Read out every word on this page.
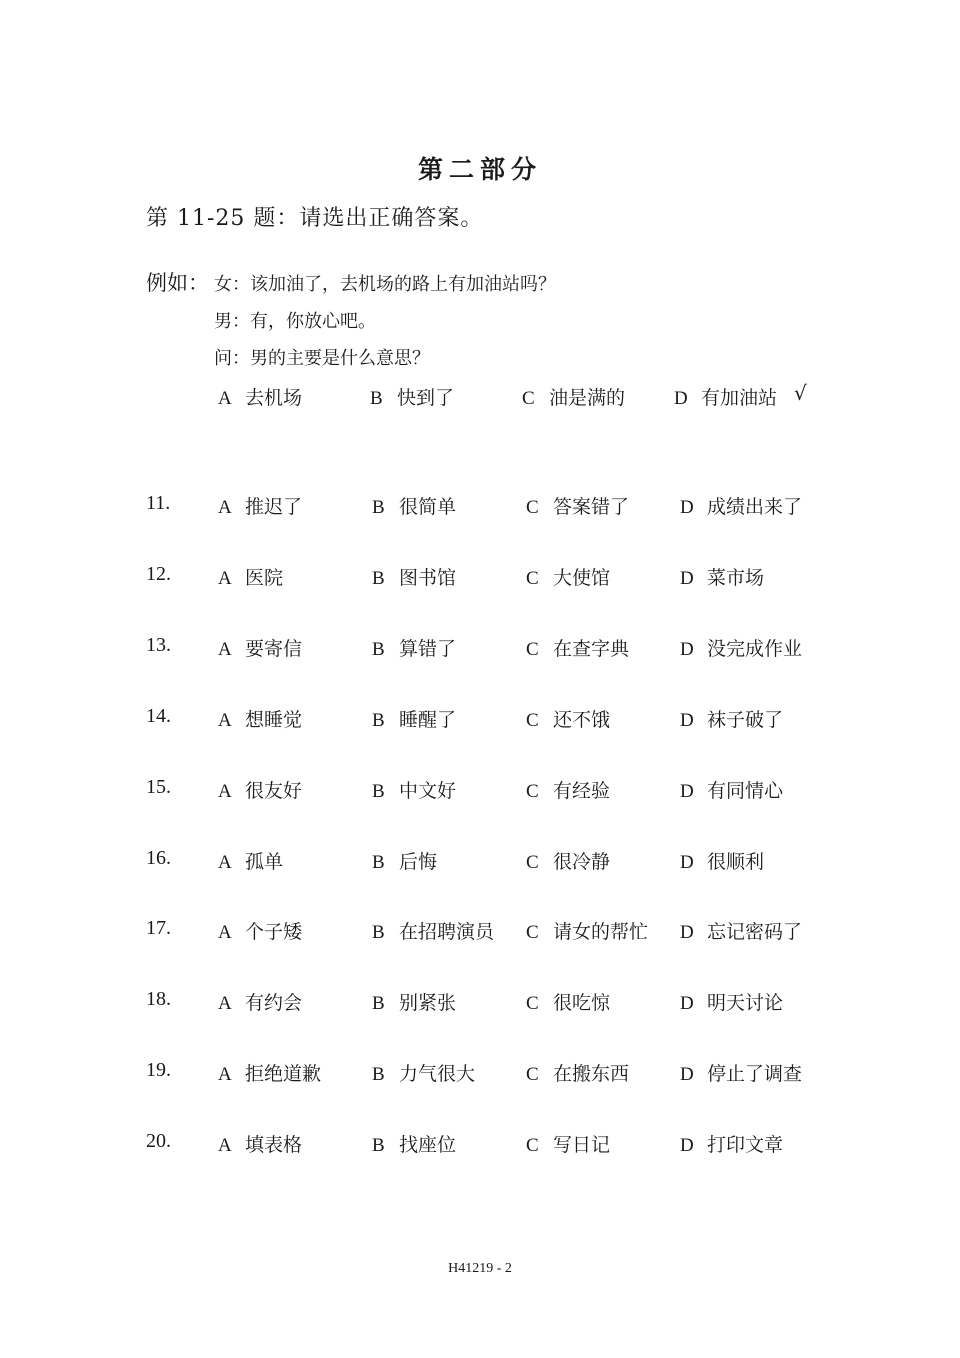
第二部分
第 11-25 题：请选出正确答案。
例如： 女：该加油了，去机场的路上有加油站吗？
男：有，你放心吧。
问：男的主要是什么意思？
A 去机场	B 快到了	C 油是满的	D 有加油站 √
11.	A 推迟了	B 很简单	C 答案错了	D 成绩出来了
12. A 医院	B 图书馆	C 大使馆	D 菜市场
13. A 要寄信	B 算错了	C 在查字典	D 没完成作业
14. A 想睡觉	B 睡醒了	C 还不饿	D 袜子破了
15. A 很友好	B 中文好	C 有经验	D 有同情心
16. A 孤单	B 后悔	C 很冷静	D 很顺利
17. A 个子矮	B 在招聘演员 C 请女的帮忙 D 忘记密码了
18. A 有约会	B 别紧张	C 很吃惊	D 明天讨论
19. A 拒绝道歉	B 力气很大	C 在搬东西	D 停止了调查
20. A 填表格	B 找座位	C 写日记	D 打印文章
H41219 - 2
